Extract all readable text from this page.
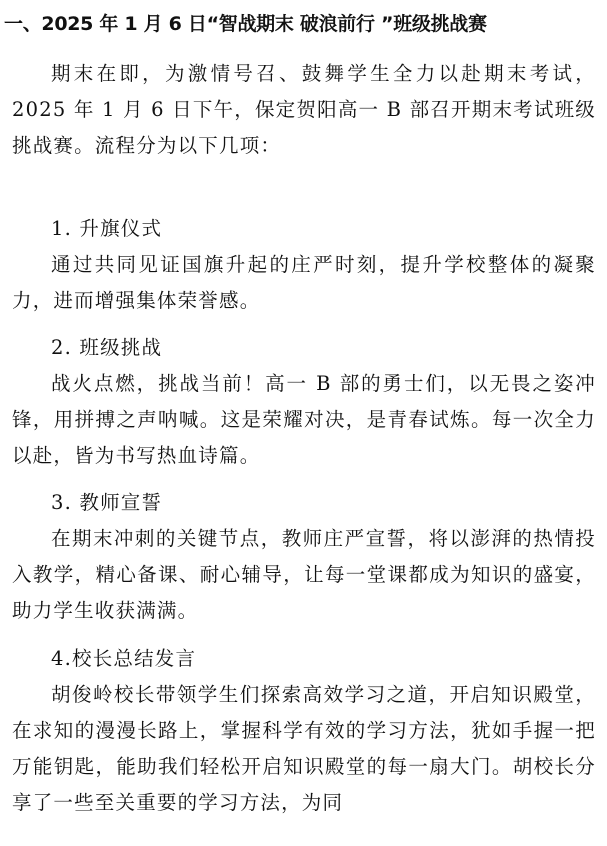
一、2025 年 1 月 6 日“智战期末 破浪前行 ”班级挑战赛

期末在即，为激情号召、鼓舞学生全力以赴期末考试，2025 年 1 月 6 日下午，保定贺阳高一 B 部召开期末考试班级挑战赛。流程分为以下几项：

1. 升旗仪式

通过共同见证国旗升起的庄严时刻，提升学校整体的凝聚力，进而增强集体荣誉感。

2. 班级挑战

战火点燃，挑战当前！高一 B 部的勇士们，以无畏之姿冲锋，用拼搏之声呐喊。这是荣耀对决，是青春试炼。每一次全力以赴，皆为书写热血诗篇。

3. 教师宣誓

在期末冲刺的关键节点，教师庄严宣誓，将以澎湃的热情投入教学，精心备课、耐心辅导，让每一堂课都成为知识的盛宴，助力学生收获满满。

4.校长总结发言

胡俊岭校长带领学生们探索高效学习之道，开启知识殿堂，在求知的漫漫长路上，掌握科学有效的学习方法，犹如手握一把万能钥匙，能助我们轻松开启知识殿堂的每一扇大门。胡校长分享了一些至关重要的学习方法，为同
